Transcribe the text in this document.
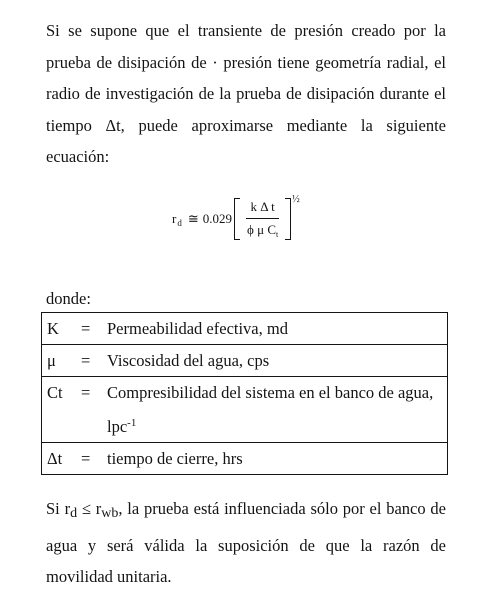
Si se supone que el transiente de presión creado por la prueba de disipación de · presión tiene geometría radial, el radio de investigación de la prueba de disipación durante el tiempo Δt, puede aproximarse mediante la siguiente ecuación:

$r_d$ ≅ $0.029 \frac{\text{k Δ t}}{\phi \mu C_t}$ ½
donde:
K	=	Permeabilidad efectiva, md
μ	=	Viscosidad del agua, cps
Ct	=	Compresibilidad del sistema en el banco de agua, lpc$^{-1}$
Δt	=	tiempo de cierre, hrs

Si $r_d \le r_{wb}$, la prueba está influenciada sólo por el banco de agua y será válida la suposición de que la razón de movilidad unitaria.
